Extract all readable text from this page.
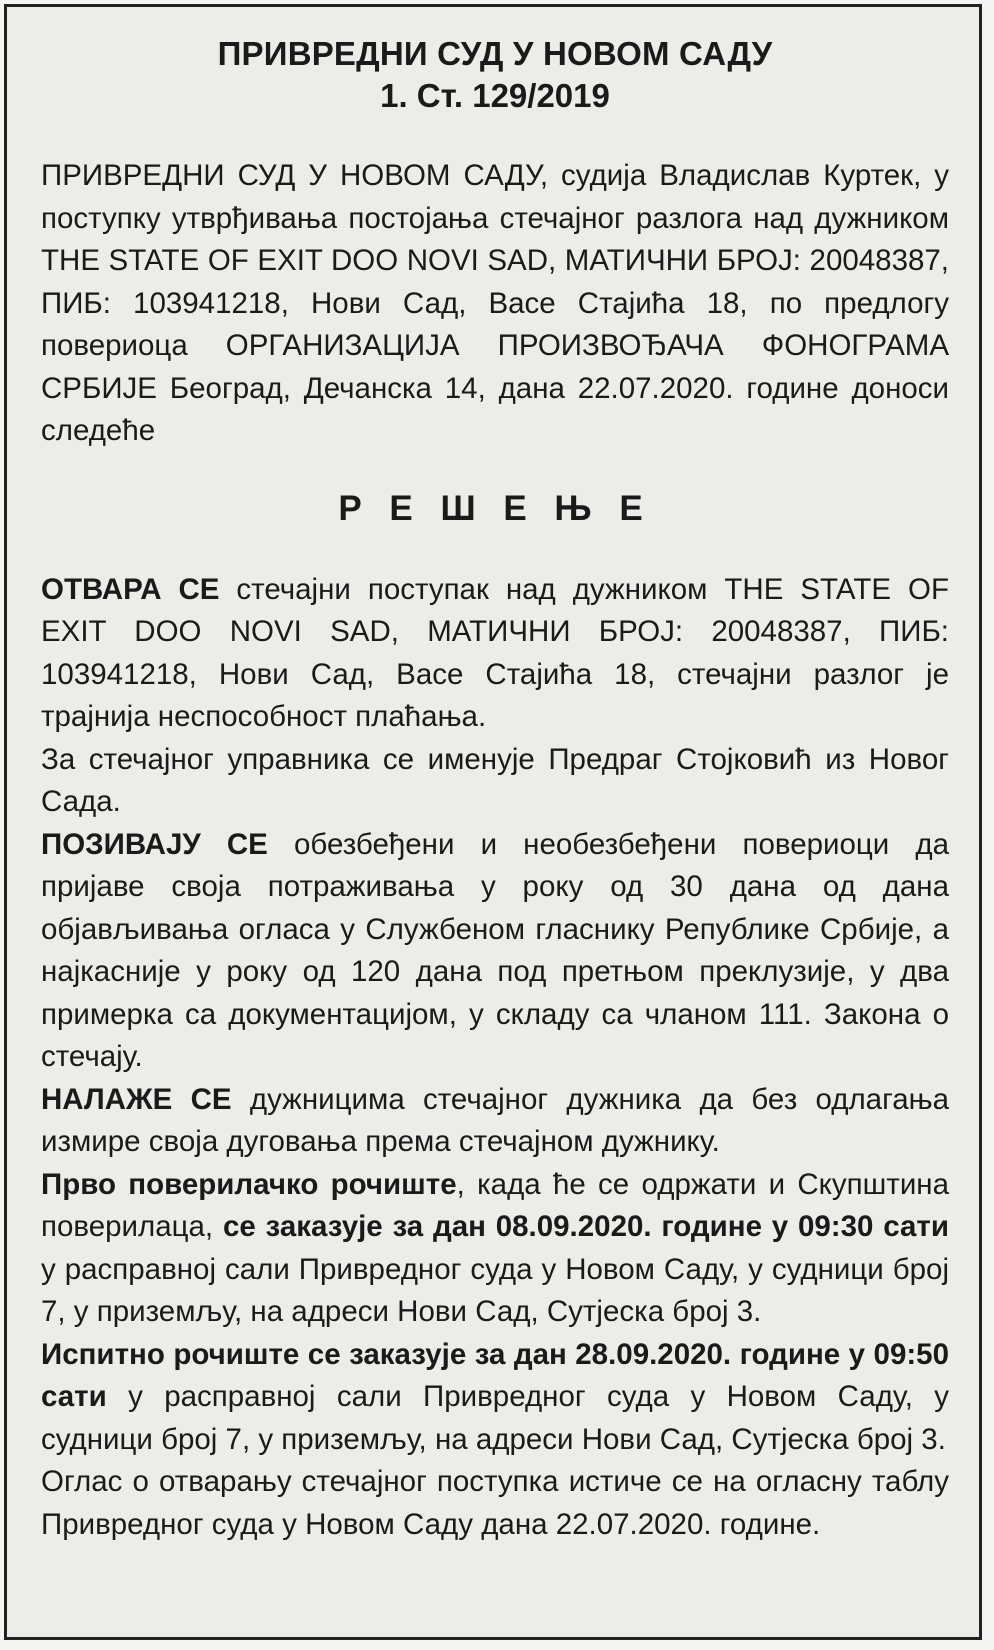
ПРИВРЕДНИ СУД У НОВОМ САДУ
1. Ст. 129/2019

ПРИВРЕДНИ СУД У НОВОМ САДУ, судија Владислав Куртек, у поступку утврђивања постојања стечајног разлога над дужником THE STATE OF EXIT DOO NOVI SAD, МАТИЧНИ БРОЈ: 20048387, ПИБ: 103941218, Нови Сад, Васе Стајића 18, по предлогу повериоца ОРГАНИЗАЦИЈА ПРОИЗВОЂАЧА ФОНОГРАМА СРБИЈЕ Београд, Дечанска 14, дана 22.07.2020. године доноси следеће

Р Е Ш Е Њ Е

ОТВАРА СЕ стечајни поступак над дужником THE STATE OF EXIT DOO NOVI SAD, МАТИЧНИ БРОЈ: 20048387, ПИБ: 103941218, Нови Сад, Васе Стајића 18, стечајни разлог је трајнија неспособност плаћања.

За стечајног управника се именује Предраг Стојковић из Новог Сада.

ПОЗИВАЈУ СЕ обезбеђени и необезбеђени повериоци да пријаве своја потраживања у року од 30 дана од дана објављивања огласа у Службеном гласнику Републике Србије, а најкасније у року од 120 дана под претњом преклузије, у два примерка са документацијом, у складу са чланом 111. Закона о стечају.

НАЛАЖЕ СЕ дужницима стечајног дужника да без одлагања измире своја дуговања према стечајном дужнику.

Прво поверилачко рочиште, када ће се одржати и Скупштина поверилаца, се заказује за дан 08.09.2020. године у 09:30 сати у расправној сали Привредног суда у Новом Саду, у судници број 7, у приземљу, на адреси Нови Сад, Сутјеска број 3.

Испитно рочиште се заказује за дан 28.09.2020. године у 09:50 сати у расправној сали Привредног суда у Новом Саду, у судници број 7, у приземљу, на адреси Нови Сад, Сутјеска број 3.

Оглас о отварању стечајног поступка истиче се на огласну таблу Привредног суда у Новом Саду дана 22.07.2020. године.
